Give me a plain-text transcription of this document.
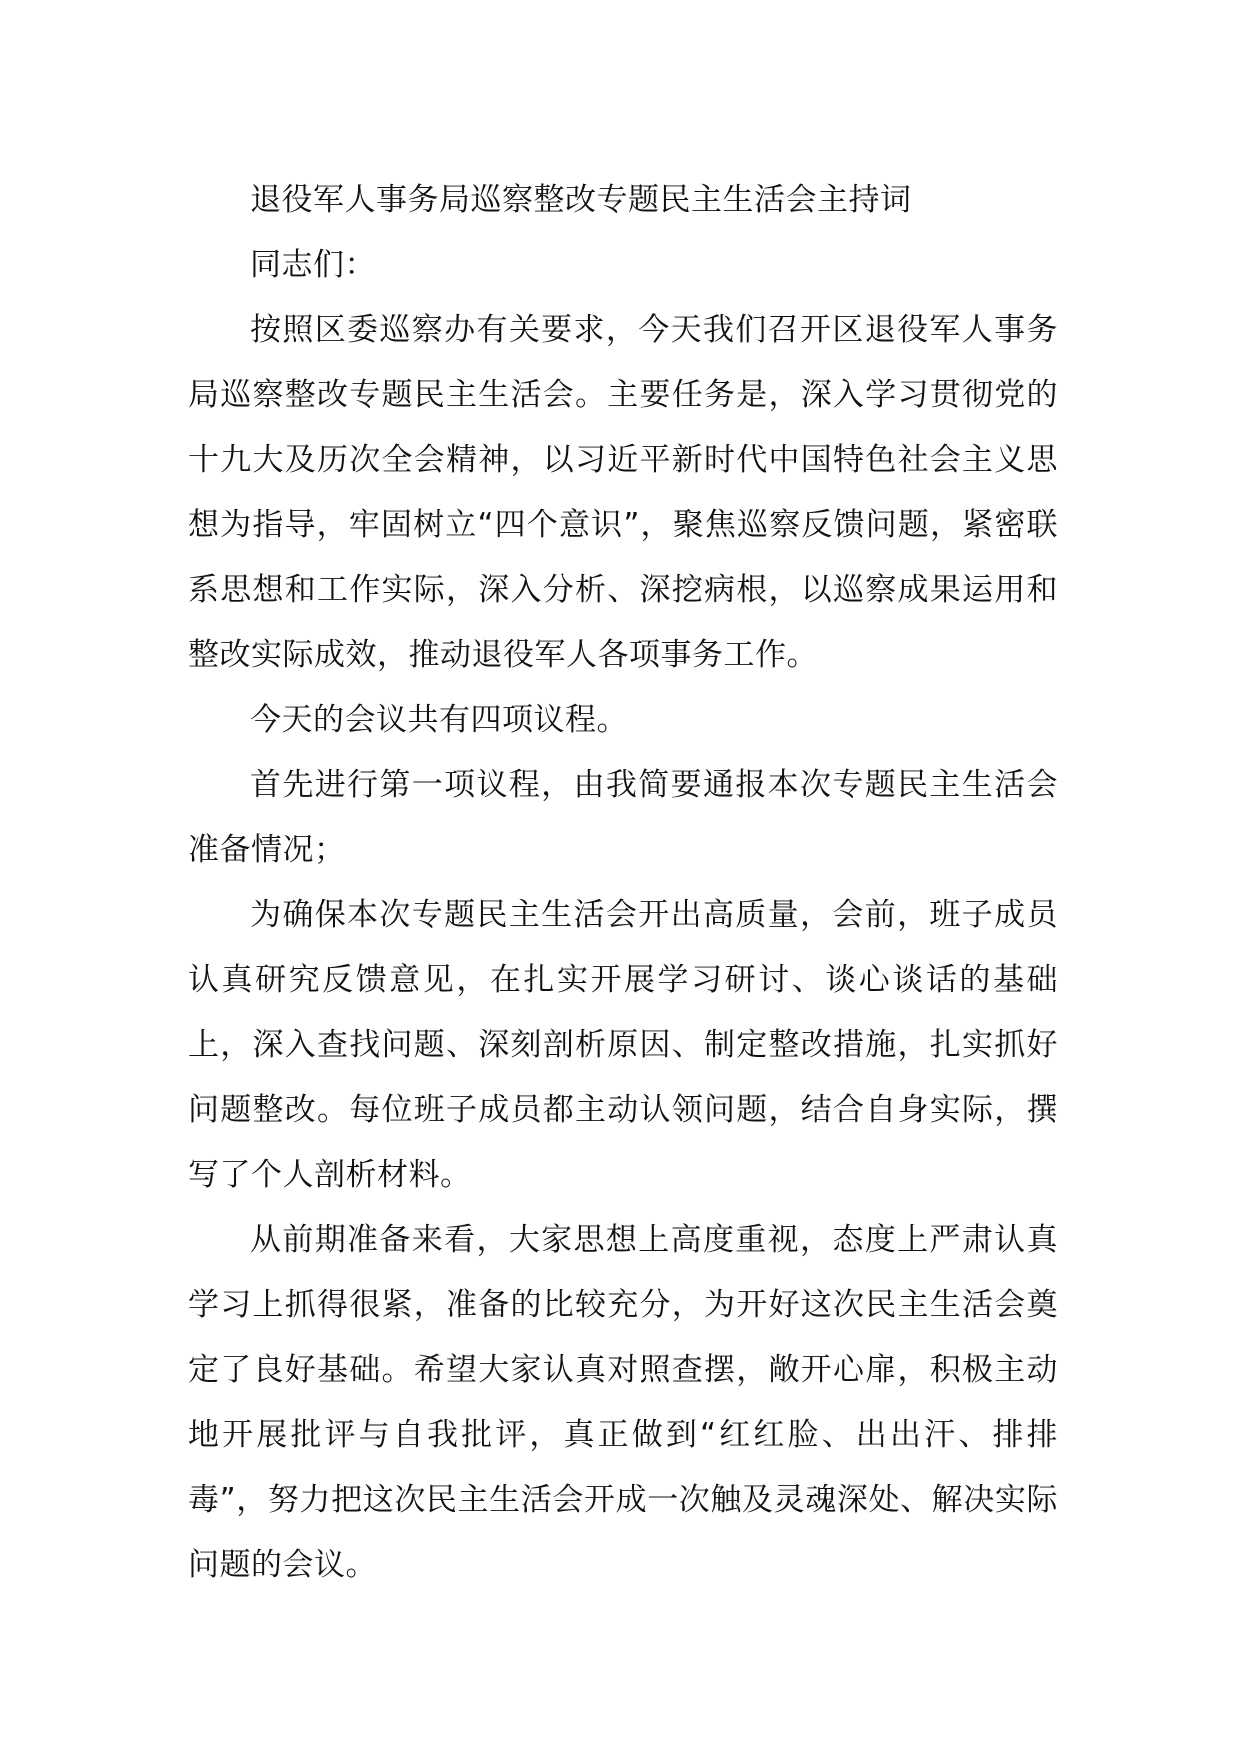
退役军人事务局巡察整改专题民主生活会主持词

同志们：

按照区委巡察办有关要求，今天我们召开区退役军人事务局巡察整改专题民主生活会。主要任务是，深入学习贯彻党的十九大及历次全会精神，以习近平新时代中国特色社会主义思想为指导，牢固树立“四个意识”，聚焦巡察反馈问题，紧密联系思想和工作实际，深入分析、深挖病根，以巡察成果运用和整改实际成效，推动退役军人各项事务工作。

今天的会议共有四项议程。

首先进行第一项议程，由我简要通报本次专题民主生活会准备情况；

为确保本次专题民主生活会开出高质量，会前，班子成员认真研究反馈意见，在扎实开展学习研讨、谈心谈话的基础上，深入查找问题、深刻剖析原因、制定整改措施，扎实抓好问题整改。每位班子成员都主动认领问题，结合自身实际，撰写了个人剖析材料。

从前期准备来看，大家思想上高度重视，态度上严肃认真学习上抓得很紧，准备的比较充分，为开好这次民主生活会奠定了良好基础。希望大家认真对照查摆，敞开心扉，积极主动地开展批评与自我批评，真正做到“红红脸、出出汗、排排毒”，努力把这次民主生活会开成一次触及灵魂深处、解决实际问题的会议。
